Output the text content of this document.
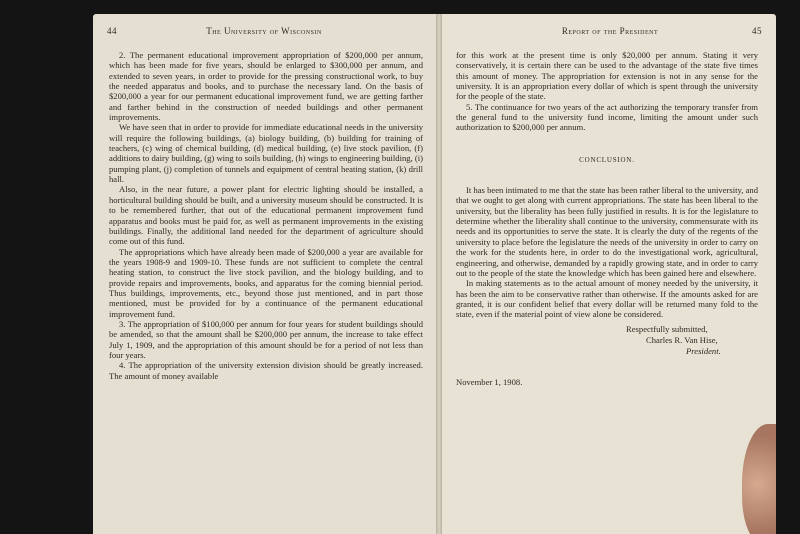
44	The University of Wisconsin

2. The permanent educational improvement appropriation of $200,000 per annum, which has been made for five years, should be enlarged to $300,000 per annum, and extended to seven years, in order to provide for the pressing constructional work, to buy the needed apparatus and books, and to purchase the necessary land. On the basis of $200,000 a year for our permanent educational improvement fund, we are getting farther and farther behind in the construction of needed buildings and other permanent improvements.

We have seen that in order to provide for immediate educational needs in the university will require the following buildings, (a) biology building, (b) building for training of teachers, (c) wing of chemical building, (d) medical building, (e) live stock pavilion, (f) additions to dairy building, (g) wing to soils building, (h) wings to engineering building, (i) pumping plant, (j) completion of tunnels and equipment of central heating station, (k) drill hall.

Also, in the near future, a power plant for electric lighting should be installed, a horticultural building should be built, and a university museum should be constructed. It is to be remembered further, that out of the educational permanent improvement fund apparatus and books must be paid for, as well as permanent improvements in the existing buildings. Finally, the additional land needed for the department of agriculture should come out of this fund.

The appropriations which have already been made of $200,000 a year are available for the years 1908-9 and 1909-10. These funds are not sufficient to complete the central heating station, to construct the live stock pavilion, and the biology building, and to provide repairs and improvements, books, and apparatus for the coming biennial period. Thus buildings, improvements, etc., beyond those just mentioned, and in part those mentioned, must be provided for by a continuance of the permanent educational improvement fund.

3. The appropriation of $100,000 per annum for four years for student buildings should be amended, so that the amount shall be $200,000 per annum, the increase to take effect July 1, 1909, and the appropriation of this amount should be for a period of not less than four years.

4. The appropriation of the university extension division should be greatly increased. The amount of money available

Report of the President	45

for this work at the present time is only $20,000 per annum. Stating it very conservatively, it is certain there can be used to the advantage of the state five times this amount of money. The appropriation for extension is not in any sense for the university. It is an appropriation every dollar of which is spent through the university for the people of the state.

5. The continuance for two years of the act authorizing the temporary transfer from the general fund to the university fund income, limiting the amount under such authorization to $200,000 per annum.

CONCLUSION.

It has been intimated to me that the state has been rather liberal to the university, and that we ought to get along with current appropriations. The state has been liberal to the university, but the liberality has been fully justified in results. It is for the legislature to determine whether the liberality shall continue to the university, commensurate with its needs and its opportunities to serve the state. It is clearly the duty of the regents of the university to place before the legislature the needs of the university in order to carry on the work for the students here, in order to do the investigational work, agricultural, engineering, and otherwise, demanded by a rapidly growing state, and in order to carry out to the people of the state the knowledge which has been gained here and elsewhere.

In making statements as to the actual amount of money needed by the university, it has been the aim to be conservative rather than otherwise. If the amounts asked for are granted, it is our confident belief that every dollar will be returned many fold to the state, even if the material point of view alone be considered.

Respectfully submitted,
Charles R. Van Hise,
President.
November 1, 1908.
